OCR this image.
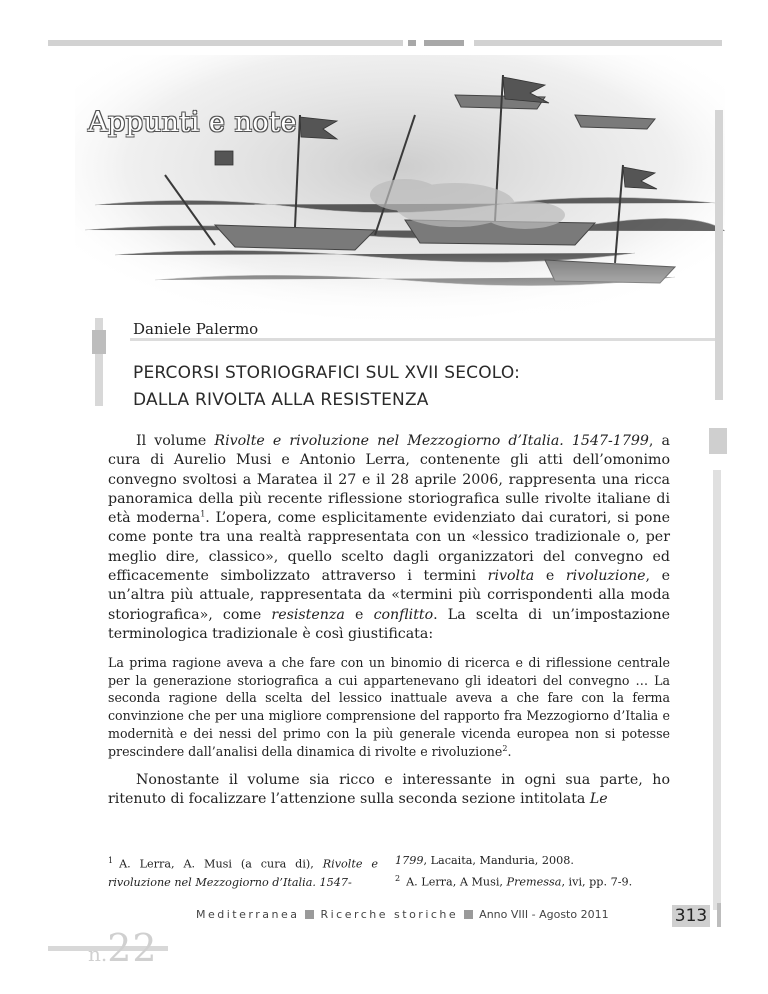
Appunti e note
Daniele Palermo
PERCORSI STORIOGRAFICI SUL XVII SECOLO:
DALLA RIVOLTA ALLA RESISTENZA
Il volume Rivolte e rivoluzione nel Mezzogiorno d’Italia. 1547-1799, a cura di Aurelio Musi e Antonio Lerra, contenente gli atti dell’omonimo convegno svoltosi a Maratea il 27 e il 28 aprile 2006, rappresenta una ricca panoramica della più recente riflessione storiografica sulle rivolte italiane di età moderna$^1$. L’opera, come esplicitamente evidenziato dai curatori, si pone come ponte tra una realtà rappresentata con un «lessico tradizionale o, per meglio dire, classico», quello scelto dagli organizzatori del convegno ed efficacemente simbolizzato attraverso i termini rivolta e rivoluzione, e un’altra più attuale, rappresentata da «termini più corrispondenti alla moda storiografica», come resistenza e conflitto. La scelta di un’impostazione terminologica tradizionale è così giustificata:
La prima ragione aveva a che fare con un binomio di ricerca e di riflessione centrale per la generazione storiografica a cui appartenevano gli ideatori del convegno … La seconda ragione della scelta del lessico inattuale aveva a che fare con la ferma convinzione che per una migliore comprensione del rapporto fra Mezzogiorno d’Italia e modernità e dei nessi del primo con la più generale vicenda europea non si potesse prescindere dall’analisi della dinamica di rivolte e rivoluzione$^2$.
Nonostante il volume sia ricco e interessante in ogni sua parte, ho ritenuto di focalizzare l’attenzione sulla seconda sezione intitolata Le
$^1$ A. Lerra, A. Musi (a cura di), Rivolte e rivoluzione nel Mezzogiorno d’Italia. 1547-
1799, Lacaita, Manduria, 2008.
$^2$ A. Lerra, A Musi, Premessa, ivi, pp. 7-9.
Mediterranea Ricerche storiche Anno VIII - Agosto 2011	313
n.22
